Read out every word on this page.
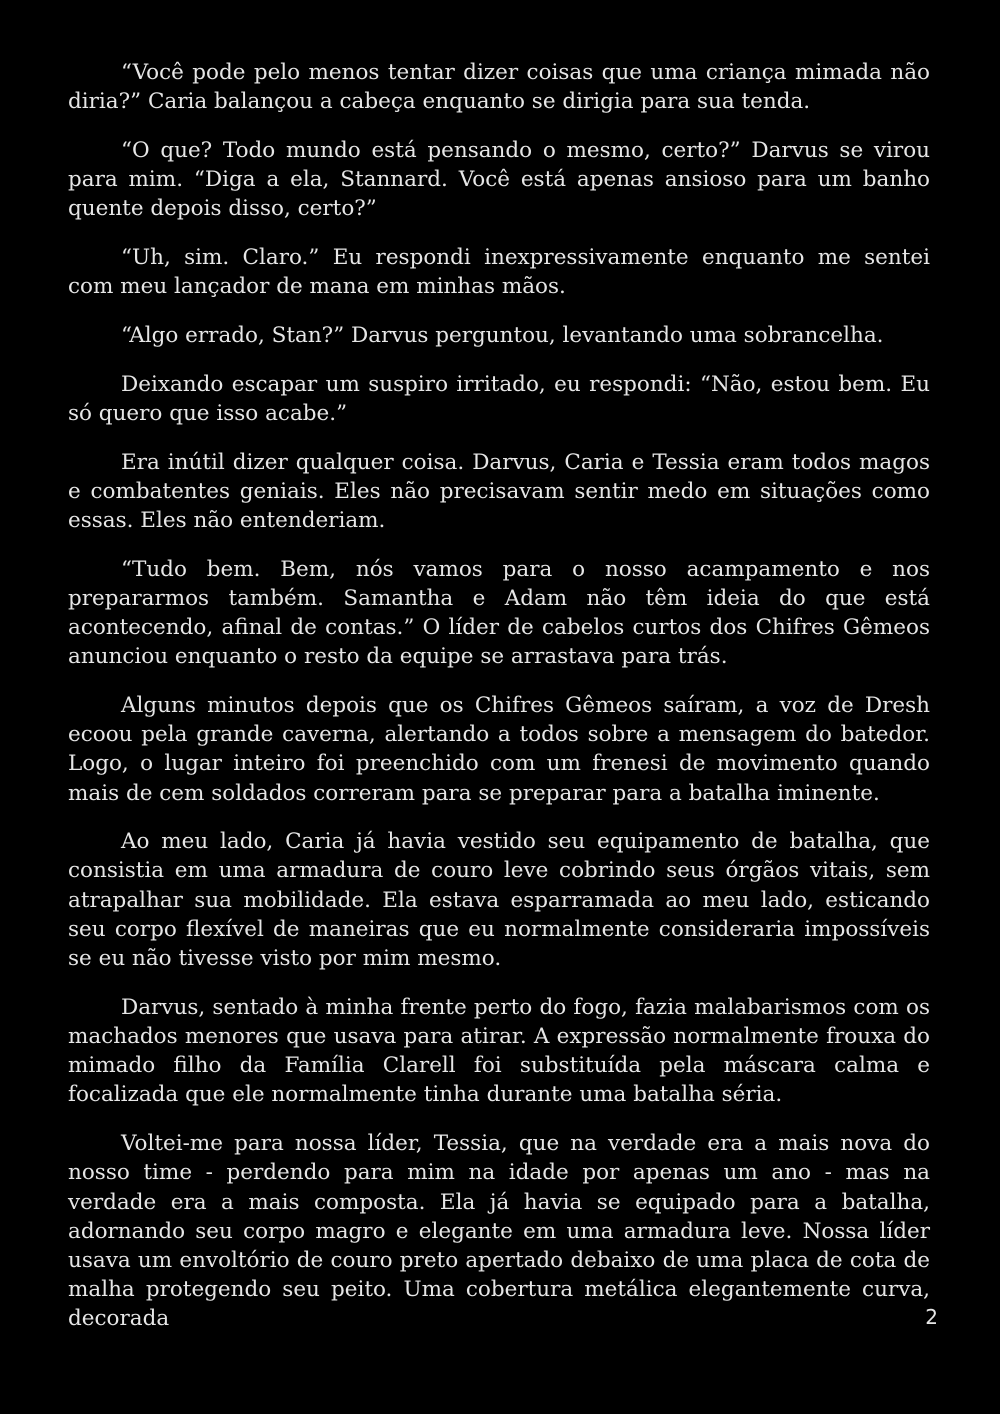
“Você pode pelo menos tentar dizer coisas que uma criança mimada não diria?” Caria balançou a cabeça enquanto se dirigia para sua tenda.

“O que? Todo mundo está pensando o mesmo, certo?” Darvus se virou para mim. “Diga a ela, Stannard. Você está apenas ansioso para um banho quente depois disso, certo?”

“Uh, sim. Claro.” Eu respondi inexpressivamente enquanto me sentei com meu lançador de mana em minhas mãos.

“Algo errado, Stan?” Darvus perguntou, levantando uma sobrancelha.

Deixando escapar um suspiro irritado, eu respondi: “Não, estou bem. Eu só quero que isso acabe.”

Era inútil dizer qualquer coisa. Darvus, Caria e Tessia eram todos magos e combatentes geniais. Eles não precisavam sentir medo em situações como essas. Eles não entenderiam.

“Tudo bem. Bem, nós vamos para o nosso acampamento e nos prepararmos também. Samantha e Adam não têm ideia do que está acontecendo, afinal de contas.” O líder de cabelos curtos dos Chifres Gêmeos anunciou enquanto o resto da equipe se arrastava para trás.

Alguns minutos depois que os Chifres Gêmeos saíram, a voz de Dresh ecoou pela grande caverna, alertando a todos sobre a mensagem do batedor. Logo, o lugar inteiro foi preenchido com um frenesi de movimento quando mais de cem soldados correram para se preparar para a batalha iminente.

Ao meu lado, Caria já havia vestido seu equipamento de batalha, que consistia em uma armadura de couro leve cobrindo seus órgãos vitais, sem atrapalhar sua mobilidade. Ela estava esparramada ao meu lado, esticando seu corpo flexível de maneiras que eu normalmente consideraria impossíveis se eu não tivesse visto por mim mesmo.

Darvus, sentado à minha frente perto do fogo, fazia malabarismos com os machados menores que usava para atirar. A expressão normalmente frouxa do mimado filho da Família Clarell foi substituída pela máscara calma e focalizada que ele normalmente tinha durante uma batalha séria.

Voltei-me para nossa líder, Tessia, que na verdade era a mais nova do nosso time - perdendo para mim na idade por apenas um ano - mas na verdade era a mais composta. Ela já havia se equipado para a batalha, adornando seu corpo magro e elegante em uma armadura leve. Nossa líder usava um envoltório de couro preto apertado debaixo de uma placa de cota de malha protegendo seu peito. Uma cobertura metálica elegantemente curva, decorada	2
